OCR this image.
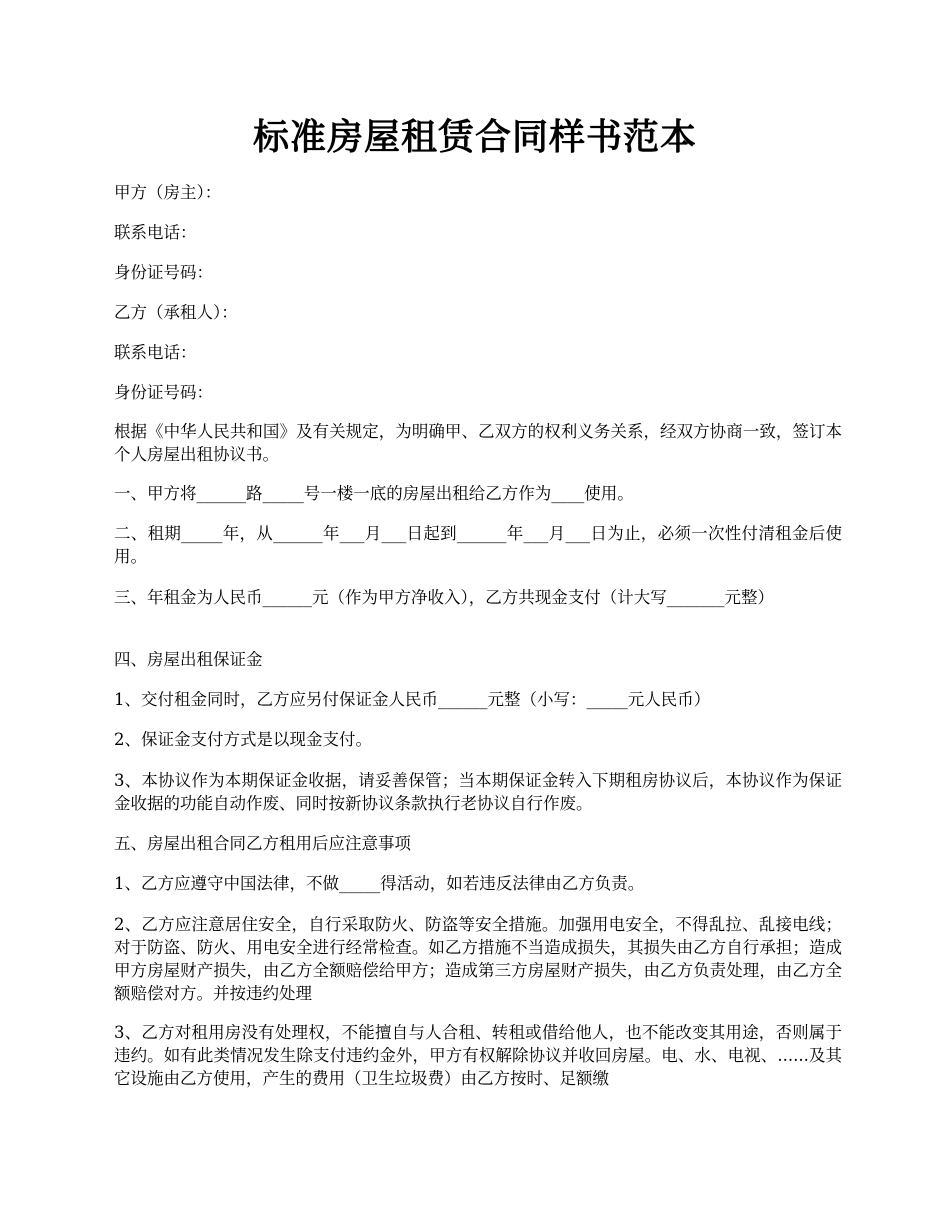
标准房屋租赁合同样书范本

甲方（房主）：

联系电话：

身份证号码：

乙方（承租人）：

联系电话：

身份证号码：

根据《中华人民共和国》及有关规定，为明确甲、乙双方的权利义务关系，经双方协商一致，签订本个人房屋出租协议书。

一、甲方将______路_____号一楼一底的房屋出租给乙方作为____使用。

二、租期_____年，从______年___月___日起到______年___月___日为止，必须一次性付清租金后使用。

三、年租金为人民币______元（作为甲方净收入），乙方共现金支付（计大写_______元整）

四、房屋出租保证金

1、交付租金同时，乙方应另付保证金人民币______元整（小写：_____元人民币）

2、保证金支付方式是以现金支付。

3、本协议作为本期保证金收据，请妥善保管；当本期保证金转入下期租房协议后，本协议作为保证金收据的功能自动作废、同时按新协议条款执行老协议自行作废。

五、房屋出租合同乙方租用后应注意事项

1、乙方应遵守中国法律，不做_____得活动，如若违反法律由乙方负责。

2、乙方应注意居住安全，自行采取防火、防盗等安全措施。加强用电安全，不得乱拉、乱接电线；对于防盗、防火、用电安全进行经常检查。如乙方措施不当造成损失，其损失由乙方自行承担；造成甲方房屋财产损失，由乙方全额赔偿给甲方；造成第三方房屋财产损失，由乙方负责处理，由乙方全额赔偿对方。并按违约处理

3、乙方对租用房没有处理权，不能擅自与人合租、转租或借给他人，也不能改变其用途，否则属于违约。如有此类情况发生除支付违约金外，甲方有权解除协议并收回房屋。电、水、电视、......及其它设施由乙方使用，产生的费用（卫生垃圾费）由乙方按时、足额缴
